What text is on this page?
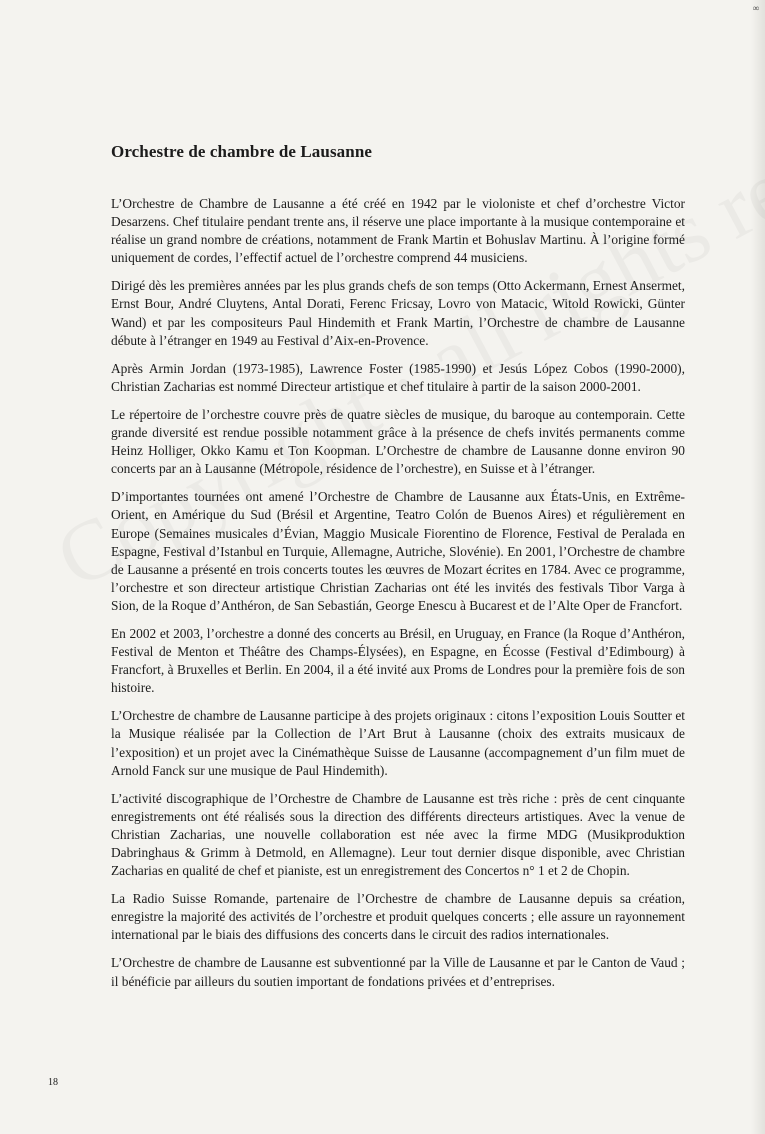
∞
Orchestre de chambre de Lausanne

L’Orchestre de Chambre de Lausanne a été créé en 1942 par le violoniste et chef d’orchestre Victor Desarzens. Chef titulaire pendant trente ans, il réserve une place importante à la musique contemporaine et réalise un grand nombre de créations, notamment de Frank Martin et Bohuslav Martinu. À l’origine formé uniquement de cordes, l’effectif actuel de l’orchestre comprend 44 musiciens.

Dirigé dès les premières années par les plus grands chefs de son temps (Otto Ackermann, Ernest Ansermet, Ernst Bour, André Cluytens, Antal Dorati, Ferenc Fricsay, Lovro von Matacic, Witold Rowicki, Günter Wand) et par les compositeurs Paul Hindemith et Frank Martin, l’Orchestre de chambre de Lausanne débute à l’étranger en 1949 au Festival d’Aix-en-Provence.

Après Armin Jordan (1973-1985), Lawrence Foster (1985-1990) et Jesús López Cobos (1990-2000), Christian Zacharias est nommé Directeur artistique et chef titulaire à partir de la saison 2000-2001.

Le répertoire de l’orchestre couvre près de quatre siècles de musique, du baroque au contemporain. Cette grande diversité est rendue possible notamment grâce à la présence de chefs invités permanents comme Heinz Holliger, Okko Kamu et Ton Koopman. L’Orchestre de chambre de Lausanne donne environ 90 concerts par an à Lausanne (Métropole, résidence de l’orchestre), en Suisse et à l’étranger.

D’importantes tournées ont amené l’Orchestre de Chambre de Lausanne aux États-Unis, en Extrême-Orient, en Amérique du Sud (Brésil et Argentine, Teatro Colón de Buenos Aires) et régulièrement en Europe (Semaines musicales d’Évian, Maggio Musicale Fiorentino de Florence, Festival de Peralada en Espagne, Festival d’Istanbul en Turquie, Allemagne, Autriche, Slovénie). En 2001, l’Orchestre de chambre de Lausanne a présenté en trois concerts toutes les œuvres de Mozart écrites en 1784. Avec ce programme, l’orchestre et son directeur artistique Christian Zacharias ont été les invités des festivals Tibor Varga à Sion, de la Roque d’Anthéron, de San Sebastián, George Enescu à Bucarest et de l’Alte Oper de Francfort.

En 2002 et 2003, l’orchestre a donné des concerts au Brésil, en Uruguay, en France (la Roque d’Anthéron, Festival de Menton et Théâtre des Champs-Élysées), en Espagne, en Écosse (Festival d’Edimbourg) à Francfort, à Bruxelles et Berlin. En 2004, il a été invité aux Proms de Londres pour la première fois de son histoire.

L’Orchestre de chambre de Lausanne participe à des projets originaux : citons l’exposition Louis Soutter et la Musique réalisée par la Collection de l’Art Brut à Lausanne (choix des extraits musicaux de l’exposition) et un projet avec la Cinémathèque Suisse de Lausanne (accompagnement d’un film muet de Arnold Fanck sur une musique de Paul Hindemith).

L’activité discographique de l’Orchestre de Chambre de Lausanne est très riche : près de cent cinquante enregistrements ont été réalisés sous la direction des différents directeurs artistiques. Avec la venue de Christian Zacharias, une nouvelle collaboration est née avec la firme MDG (Musikproduktion Dabringhaus & Grimm à Detmold, en Allemagne). Leur tout dernier disque disponible, avec Christian Zacharias en qualité de chef et pianiste, est un enregistrement des Concertos n° 1 et 2 de Chopin.

La Radio Suisse Romande, partenaire de l’Orchestre de chambre de Lausanne depuis sa création, enregistre la majorité des activités de l’orchestre et produit quelques concerts ; elle assure un rayonnement international par le biais des diffusions des concerts dans le circuit des radios internationales.

L’Orchestre de chambre de Lausanne est subventionné par la Ville de Lausanne et par le Canton de Vaud ; il bénéficie par ailleurs du soutien important de fondations privées et d’entreprises.

18
